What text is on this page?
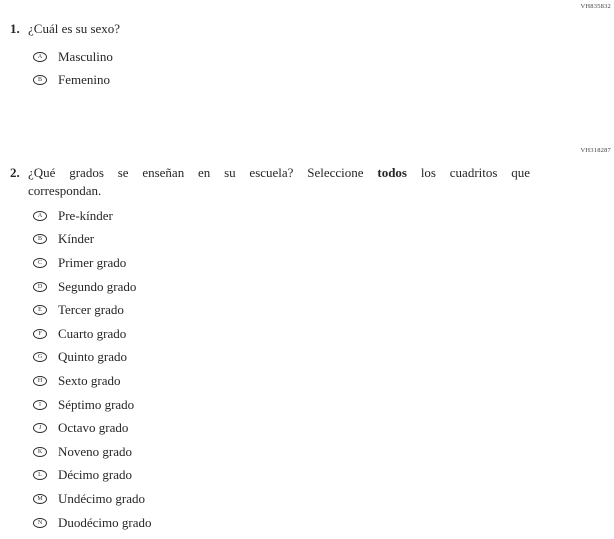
VH835832
VH318287
1. ¿Cuál es su sexo?
A Masculino
B Femenino
2. ¿Qué grados se enseñan en su escuela? Seleccione todos los cuadritos que
correspondan.
A Pre-kínder
B Kínder
C Primer grado
D Segundo grado
E Tercer grado
F Cuarto grado
G Quinto grado
H Sexto grado
I Séptimo grado
J Octavo grado
K Noveno grado
L Décimo grado
M Undécimo grado
N Duodécimo grado
